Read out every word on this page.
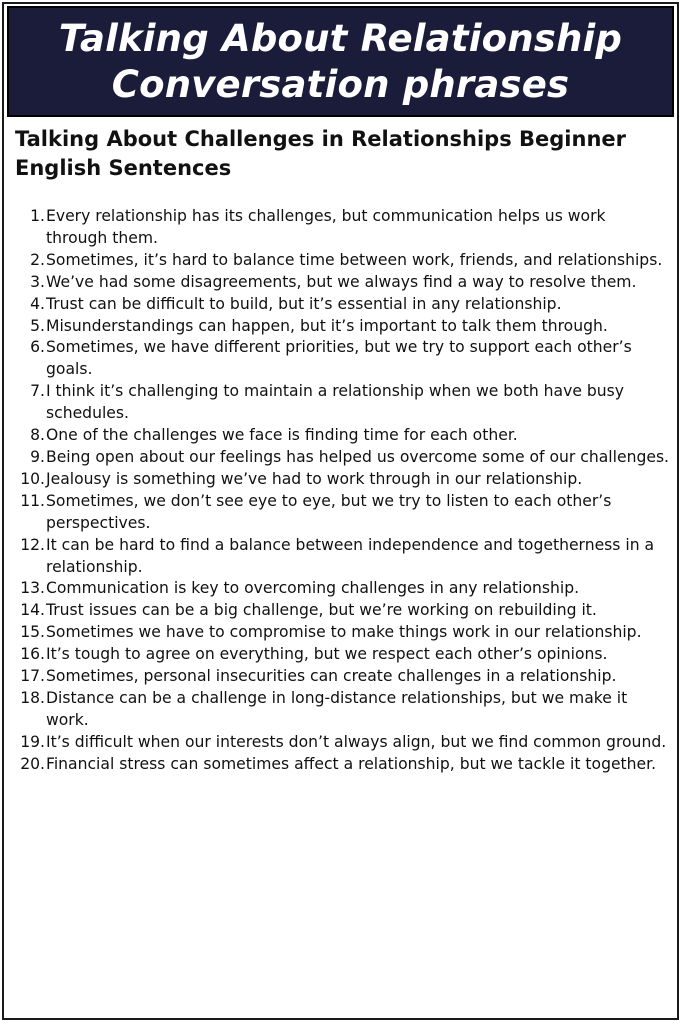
Talking About Relationship
Conversation phrases
Talking About Challenges in Relationships Beginner English Sentences
1. Every relationship has its challenges, but communication helps us work through them.
2. Sometimes, it’s hard to balance time between work, friends, and relationships.
3. We’ve had some disagreements, but we always find a way to resolve them.
4. Trust can be difficult to build, but it’s essential in any relationship.
5. Misunderstandings can happen, but it’s important to talk them through.
6. Sometimes, we have different priorities, but we try to support each other’s goals.
7. I think it’s challenging to maintain a relationship when we both have busy schedules.
8. One of the challenges we face is finding time for each other.
9. Being open about our feelings has helped us overcome some of our challenges.
10. Jealousy is something we’ve had to work through in our relationship.
11. Sometimes, we don’t see eye to eye, but we try to listen to each other’s perspectives.
12. It can be hard to find a balance between independence and togetherness in a relationship.
13. Communication is key to overcoming challenges in any relationship.
14. Trust issues can be a big challenge, but we’re working on rebuilding it.
15. Sometimes we have to compromise to make things work in our relationship.
16. It’s tough to agree on everything, but we respect each other’s opinions.
17. Sometimes, personal insecurities can create challenges in a relationship.
18. Distance can be a challenge in long-distance relationships, but we make it work.
19. It’s difficult when our interests don’t always align, but we find common ground.
20. Financial stress can sometimes affect a relationship, but we tackle it together.
